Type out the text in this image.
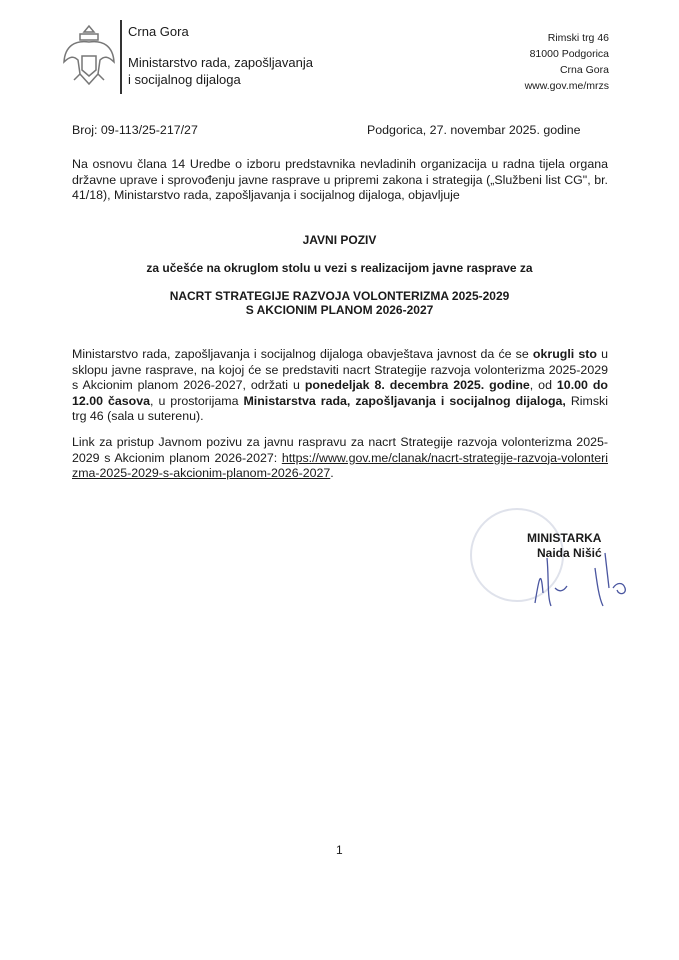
Crna Gora
Ministarstvo rada, zapošljavanja
i socijalnog dijaloga
Rimski trg 46
81000 Podgorica
Crna Gora
www.gov.me/mrzs
Broj: 09-113/25-217/27	Podgorica, 27. novembar 2025. godine

Na osnovu člana 14 Uredbe o izboru predstavnika nevladinih organizacija u radna tijela organa državne uprave i sprovođenju javne rasprave u pripremi zakona i strategija („Službeni list CG", br. 41/18), Ministarstvo rada, zapošljavanja i socijalnog dijaloga, objavljuje

JAVNI POZIV
za učešće na okruglom stolu u vezi s realizacijom javne rasprave za
NACRT STRATEGIJE RAZVOJA VOLONTERIZMA 2025-2029
S AKCIONIM PLANOM 2026-2027

Ministarstvo rada, zapošljavanja i socijalnog dijaloga obavještava javnost da će se okrugli sto u sklopu javne rasprave, na kojoj će se predstaviti nacrt Strategije razvoja volonterizma 2025-2029 s Akcionim planom 2026-2027, održati u ponedeljak 8. decembra 2025. godine, od 10.00 do 12.00 časova, u prostorijama Ministarstva rada, zapošljavanja i socijalnog dijaloga, Rimski trg 46 (sala u suterenu).

Link za pristup Javnom pozivu za javnu raspravu za nacrt Strategije razvoja volonterizma 2025-2029 s Akcionim planom 2026-2027: https://www.gov.me/clanak/nacrt-strategije-razvoja-volonterizma-2025-2029-s-akcionim-planom-2026-2027.

MINISTARKA
Naida Nišić
1
